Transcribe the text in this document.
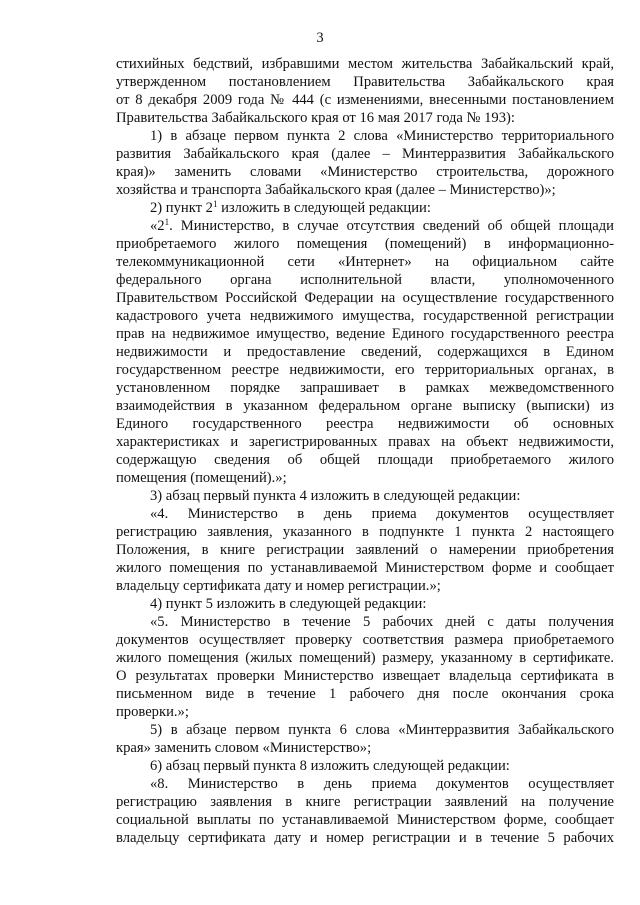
3
стихийных бедствий, избравшими местом жительства Забайкальский край,
утвержденном постановлением Правительства Забайкальского края
от 8 декабря 2009 года № 444 (с изменениями, внесенными постановлением
Правительства Забайкальского края от 16 мая 2017 года № 193):
1) в абзаце первом пункта 2 слова «Министерство территориального
развития Забайкальского края (далее – Минтерразвития Забайкальского
края)» заменить словами «Министерство строительства, дорожного
хозяйства и транспорта Забайкальского края (далее – Министерство)»;
2) пункт $2^1$ изложить в следующей редакции:
«$2^1$. Министерство, в случае отсутствия сведений об общей площади
приобретаемого жилого помещения (помещений) в информационно-
телекоммуникационной сети «Интернет» на официальном сайте
федерального органа исполнительной власти, уполномоченного
Правительством Российской Федерации на осуществление государственного
кадастрового учета недвижимого имущества, государственной регистрации
прав на недвижимое имущество, ведение Единого государственного реестра
недвижимости и предоставление сведений, содержащихся в Едином
государственном реестре недвижимости, его территориальных органах, в
установленном порядке запрашивает в рамках межведомственного
взаимодействия в указанном федеральном органе выписку (выписки) из
Единого государственного реестра недвижимости об основных
характеристиках и зарегистрированных правах на объект недвижимости,
содержащую сведения об общей площади приобретаемого жилого
помещения (помещений).»;
3) абзац первый пункта 4 изложить в следующей редакции:
«4. Министерство в день приема документов осуществляет
регистрацию заявления, указанного в подпункте 1 пункта 2 настоящего
Положения, в книге регистрации заявлений о намерении приобретения
жилого помещения по устанавливаемой Министерством форме и сообщает
владельцу сертификата дату и номер регистрации.»;
4) пункт 5 изложить в следующей редакции:
«5. Министерство в течение 5 рабочих дней с даты получения
документов осуществляет проверку соответствия размера приобретаемого
жилого помещения (жилых помещений) размеру, указанному в сертификате.
О результатах проверки Министерство извещает владельца сертификата в
письменном виде в течение 1 рабочего дня после окончания срока
проверки.»;
5) в абзаце первом пункта 6 слова «Минтерразвития Забайкальского
края» заменить словом «Министерство»;
6) абзац первый пункта 8 изложить следующей редакции:
«8. Министерство в день приема документов осуществляет
регистрацию заявления в книге регистрации заявлений на получение
социальной выплаты по устанавливаемой Министерством форме, сообщает
владельцу сертификата дату и номер регистрации и в течение 5 рабочих
